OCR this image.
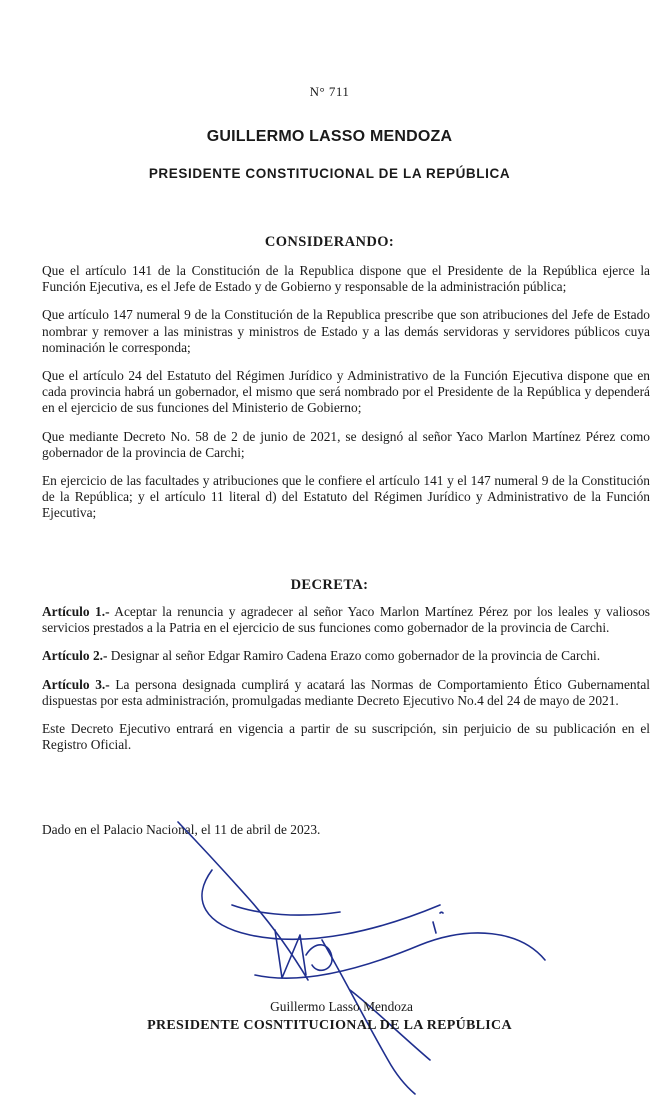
N° 711
GUILLERMO LASSO MENDOZA
PRESIDENTE CONSTITUCIONAL DE LA REPÚBLICA
CONSIDERANDO:

Que el artículo 141 de la Constitución de la Republica dispone que el Presidente de la República ejerce la Función Ejecutiva, es el Jefe de Estado y de Gobierno y responsable de la administración pública;

Que artículo 147 numeral 9 de la Constitución de la Republica prescribe que son atribuciones del Jefe de Estado nombrar y remover a las ministras y ministros de Estado y a las demás servidoras y servidores públicos cuya nominación le corresponda;

Que el artículo 24 del Estatuto del Régimen Jurídico y Administrativo de la Función Ejecutiva dispone que en cada provincia habrá un gobernador, el mismo que será nombrado por el Presidente de la República y dependerá en el ejercicio de sus funciones del Ministerio de Gobierno;

Que mediante Decreto No. 58 de 2 de junio de 2021, se designó al señor Yaco Marlon Martínez Pérez como gobernador de la provincia de Carchi;

En ejercicio de las facultades y atribuciones que le confiere el artículo 141 y el 147 numeral 9 de la Constitución de la República; y el artículo 11 literal d) del Estatuto del Régimen Jurídico y Administrativo de la Función Ejecutiva;

DECRETA:

Artículo 1.- Aceptar la renuncia y agradecer al señor Yaco Marlon Martínez Pérez por los leales y valiosos servicios prestados a la Patria en el ejercicio de sus funciones como gobernador de la provincia de Carchi.

Artículo 2.- Designar al señor Edgar Ramiro Cadena Erazo como gobernador de la provincia de Carchi.

Artículo 3.- La persona designada cumplirá y acatará las Normas de Comportamiento Ético Gubernamental dispuestas por esta administración, promulgadas mediante Decreto Ejecutivo No.4 del 24 de mayo de 2021.

Este Decreto Ejecutivo entrará en vigencia a partir de su suscripción, sin perjuicio de su publicación en el Registro Oficial.

Dado en el Palacio Nacional, el 11 de abril de 2023.
Guillermo Lasso Mendoza
PRESIDENTE COSNTITUCIONAL DE LA REPÚBLICA
